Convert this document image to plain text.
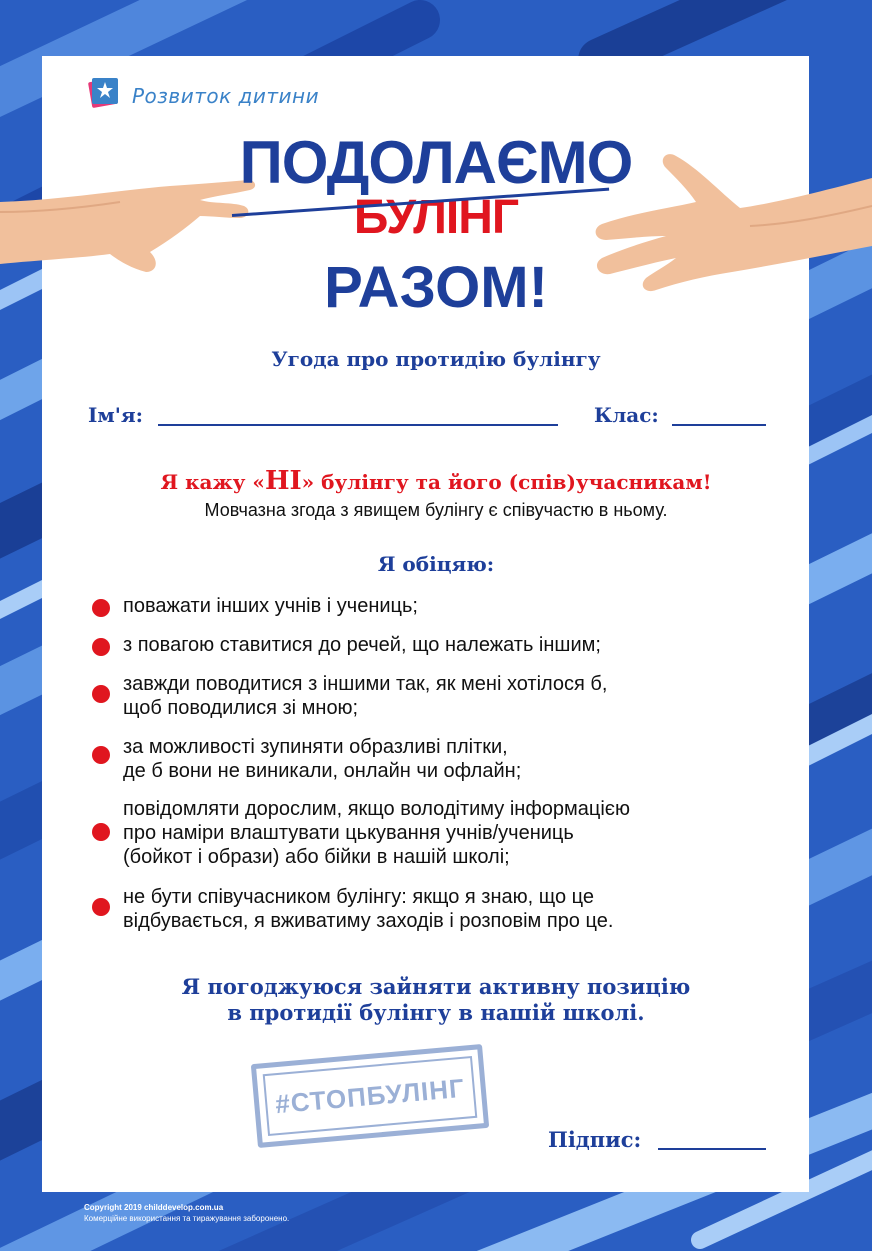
Розвиток дитини
ПОДОЛАЄМО
БУЛІНГ
РАЗОМ!
Угода про протидію булінгу
Ім'я:	Клас:
Я кажу «НІ» булінгу та його (спів)учасникам!
Мовчазна згода з явищем булінгу є співучастю в ньому.
Я обіцяю:
поважати інших учнів і учениць;
з повагою ставитися до речей, що належать іншим;
завжди поводитися з іншими так, як мені хотілося б,
щоб поводилися зі мною;
за можливості зупиняти образливі плітки,
де б вони не виникали, онлайн чи офлайн;
повідомляти дорослим, якщо володітиму інформацією
про наміри влаштувати цькування учнів/учениць
(бойкот і образи) або бійки в нашій школі;
не бути співучасником булінгу: якщо я знаю, що це
відбувається, я вживатиму заходів і розповім про це.
Я погоджуюся зайняти активну позицію
в протидії булінгу в нашій школі.
#СТОПБУЛІНГ
Підпис:
Copyright 2019 childdevelop.com.ua
Комерційне використання та тиражування заборонено.
